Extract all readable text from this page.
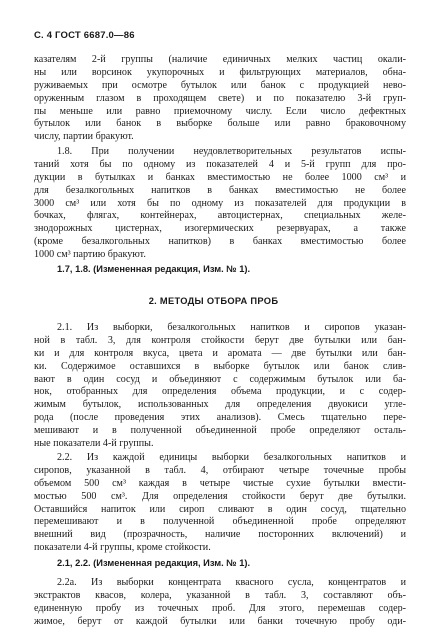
С. 4 ГОСТ 6687.0—86
казателям 2-й группы (наличие единичных мелких частиц окали-
ны или ворсинок укупорочных и фильтрующих материалов, обна-
руживаемых при осмотре бутылок или банок с продукцией нево-
оруженным глазом в проходящем свете) и по показателю 3-й груп-
пы меньше или равно приемочному числу. Если число дефектных
бутылок или банок в выборке больше или равно браковочному
числу, партии бракуют.
1.8. При получении неудовлетворительных результатов испы-
таний хотя бы по одному из показателей 4 и 5-й групп для про-
дукции в бутылках и банках вместимостью не более 1000 см³ и
для безалкогольных напитков в банках вместимостью не более
3000 см³ или хотя бы по одному из показателей для продукции в
бочках, флягах, контейнерах, автоцистернах, специальных желе-
знодорожных цистернах, изогермических резервуарах, а также
(кроме безалкогольных напитков) в банках вместимостью более
1000 см³ партию бракуют.
1.7, 1.8. (Измененная редакция, Изм. № 1).
2. МЕТОДЫ ОТБОРА ПРОБ
2.1. Из выборки, безалкогольных напитков и сиропов указан-
ной в табл. 3, для контроля стойкости берут две бутылки или бан-
ки и для контроля вкуса, цвета и аромата — две бутылки или бан-
ки. Содержимое оставшихся в выборке бутылок или банок слив-
вают в один сосуд и объединяют с содержимым бутылок или ба-
нок, отобранных для определения объема продукции, и с содер-
жимым бутылок, использованных для определения двуокиси угле-
рода (после проведения этих анализов). Смесь тщательно пере-
мешивают и в полученной объединенной пробе определяют осталь-
ные показатели 4-й группы.
2.2. Из каждой единицы выборки безалкогольных напитков и
сиропов, указанной в табл. 4, отбирают четыре точечные пробы
объемом 500 см³ каждая в четыре чистые сухие бутылки вмести-
мостью 500 см³. Для определения стойкости берут две бутылки.
Оставшийся напиток или сироп сливают в один сосуд, тщательно
перемешивают и в полученной объединенной пробе определяют
внешний вид (прозрачность, наличие посторонних включений) и
показатели 4-й группы, кроме стойкости.
2.1, 2.2. (Измененная редакция, Изм. № 1).
2.2а. Из выборки концентрата квасного сусла, концентратов и
экстрактов квасов, колера, указанной в табл. 3, составляют объ-
единенную пробу из точечных проб. Для этого, перемешав содер-
жимое, берут от каждой бутылки или банки точечную пробу оди-
